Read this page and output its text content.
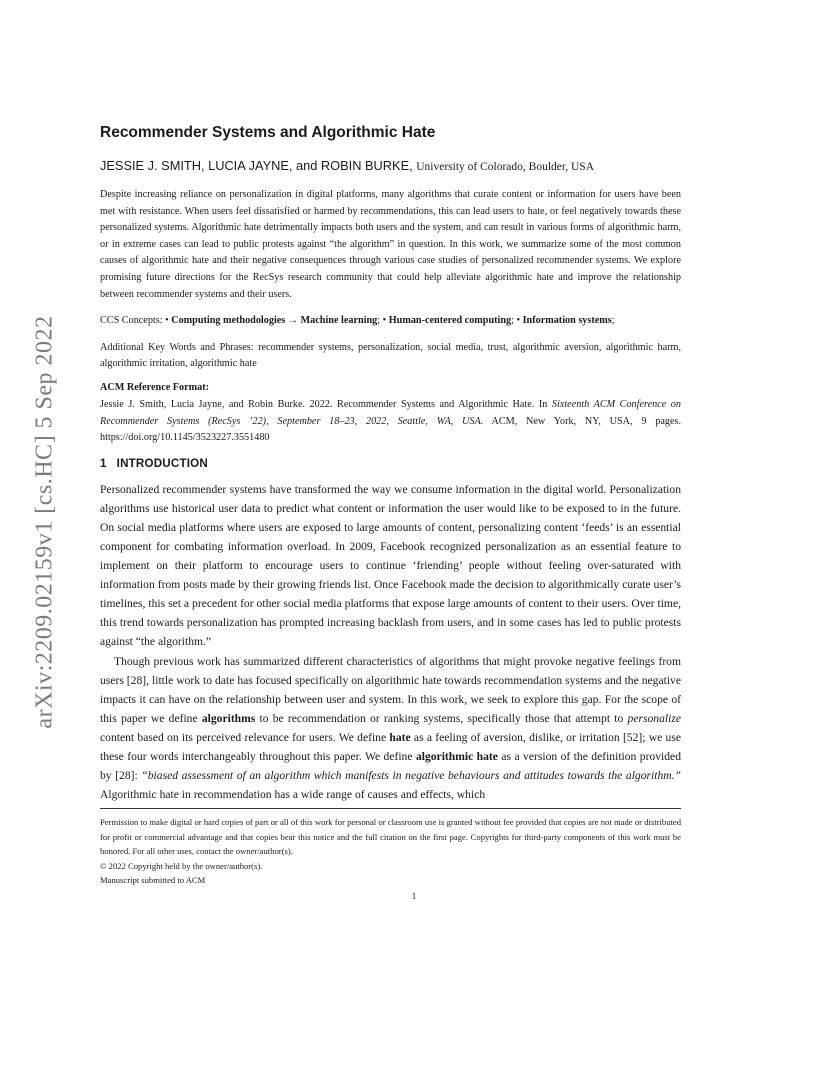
arXiv:2209.02159v1 [cs.HC] 5 Sep 2022
Recommender Systems and Algorithmic Hate
JESSIE J. SMITH, LUCIA JAYNE, and ROBIN BURKE, University of Colorado, Boulder, USA

Despite increasing reliance on personalization in digital platforms, many algorithms that curate content or information for users have been met with resistance. When users feel dissatisfied or harmed by recommendations, this can lead users to hate, or feel negatively towards these personalized systems. Algorithmic hate detrimentally impacts both users and the system, and can result in various forms of algorithmic harm, or in extreme cases can lead to public protests against “the algorithm” in question. In this work, we summarize some of the most common causes of algorithmic hate and their negative consequences through various case studies of personalized recommender systems. We explore promising future directions for the RecSys research community that could help alleviate algorithmic hate and improve the relationship between recommender systems and their users.

CCS Concepts: • Computing methodologies → Machine learning; • Human-centered computing; • Information systems;

Additional Key Words and Phrases: recommender systems, personalization, social media, trust, algorithmic aversion, algorithmic harm, algorithmic irritation, algorithmic hate

ACM Reference Format:

Jessie J. Smith, Lucia Jayne, and Robin Burke. 2022. Recommender Systems and Algorithmic Hate. In Sixteenth ACM Conference on Recommender Systems (RecSys ’22), September 18–23, 2022, Seattle, WA, USA. ACM, New York, NY, USA, 9 pages. https://doi.org/10.1145/3523227.3551480

1 INTRODUCTION

Personalized recommender systems have transformed the way we consume information in the digital world. Personalization algorithms use historical user data to predict what content or information the user would like to be exposed to in the future. On social media platforms where users are exposed to large amounts of content, personalizing content ‘feeds’ is an essential component for combating information overload. In 2009, Facebook recognized personalization as an essential feature to implement on their platform to encourage users to continue ‘friending’ people without feeling over-saturated with information from posts made by their growing friends list. Once Facebook made the decision to algorithmically curate user’s timelines, this set a precedent for other social media platforms that expose large amounts of content to their users. Over time, this trend towards personalization has prompted increasing backlash from users, and in some cases has led to public protests against “the algorithm.”

Though previous work has summarized different characteristics of algorithms that might provoke negative feelings from users [28], little work to date has focused specifically on algorithmic hate towards recommendation systems and the negative impacts it can have on the relationship between user and system. In this work, we seek to explore this gap. For the scope of this paper we define algorithms to be recommendation or ranking systems, specifically those that attempt to personalize content based on its perceived relevance for users. We define hate as a feeling of aversion, dislike, or irritation [52]; we use these four words interchangeably throughout this paper. We define algorithmic hate as a version of the definition provided by [28]: “biased assessment of an algorithm which manifests in negative behaviours and attitudes towards the algorithm.” Algorithmic hate in recommendation has a wide range of causes and effects, which

Permission to make digital or hard copies of part or all of this work for personal or classroom use is granted without fee provided that copies are not made or distributed for profit or commercial advantage and that copies bear this notice and the full citation on the first page. Copyrights for third-party components of this work must be honored. For all other uses, contact the owner/author(s).

© 2022 Copyright held by the owner/author(s).

Manuscript submitted to ACM

1
